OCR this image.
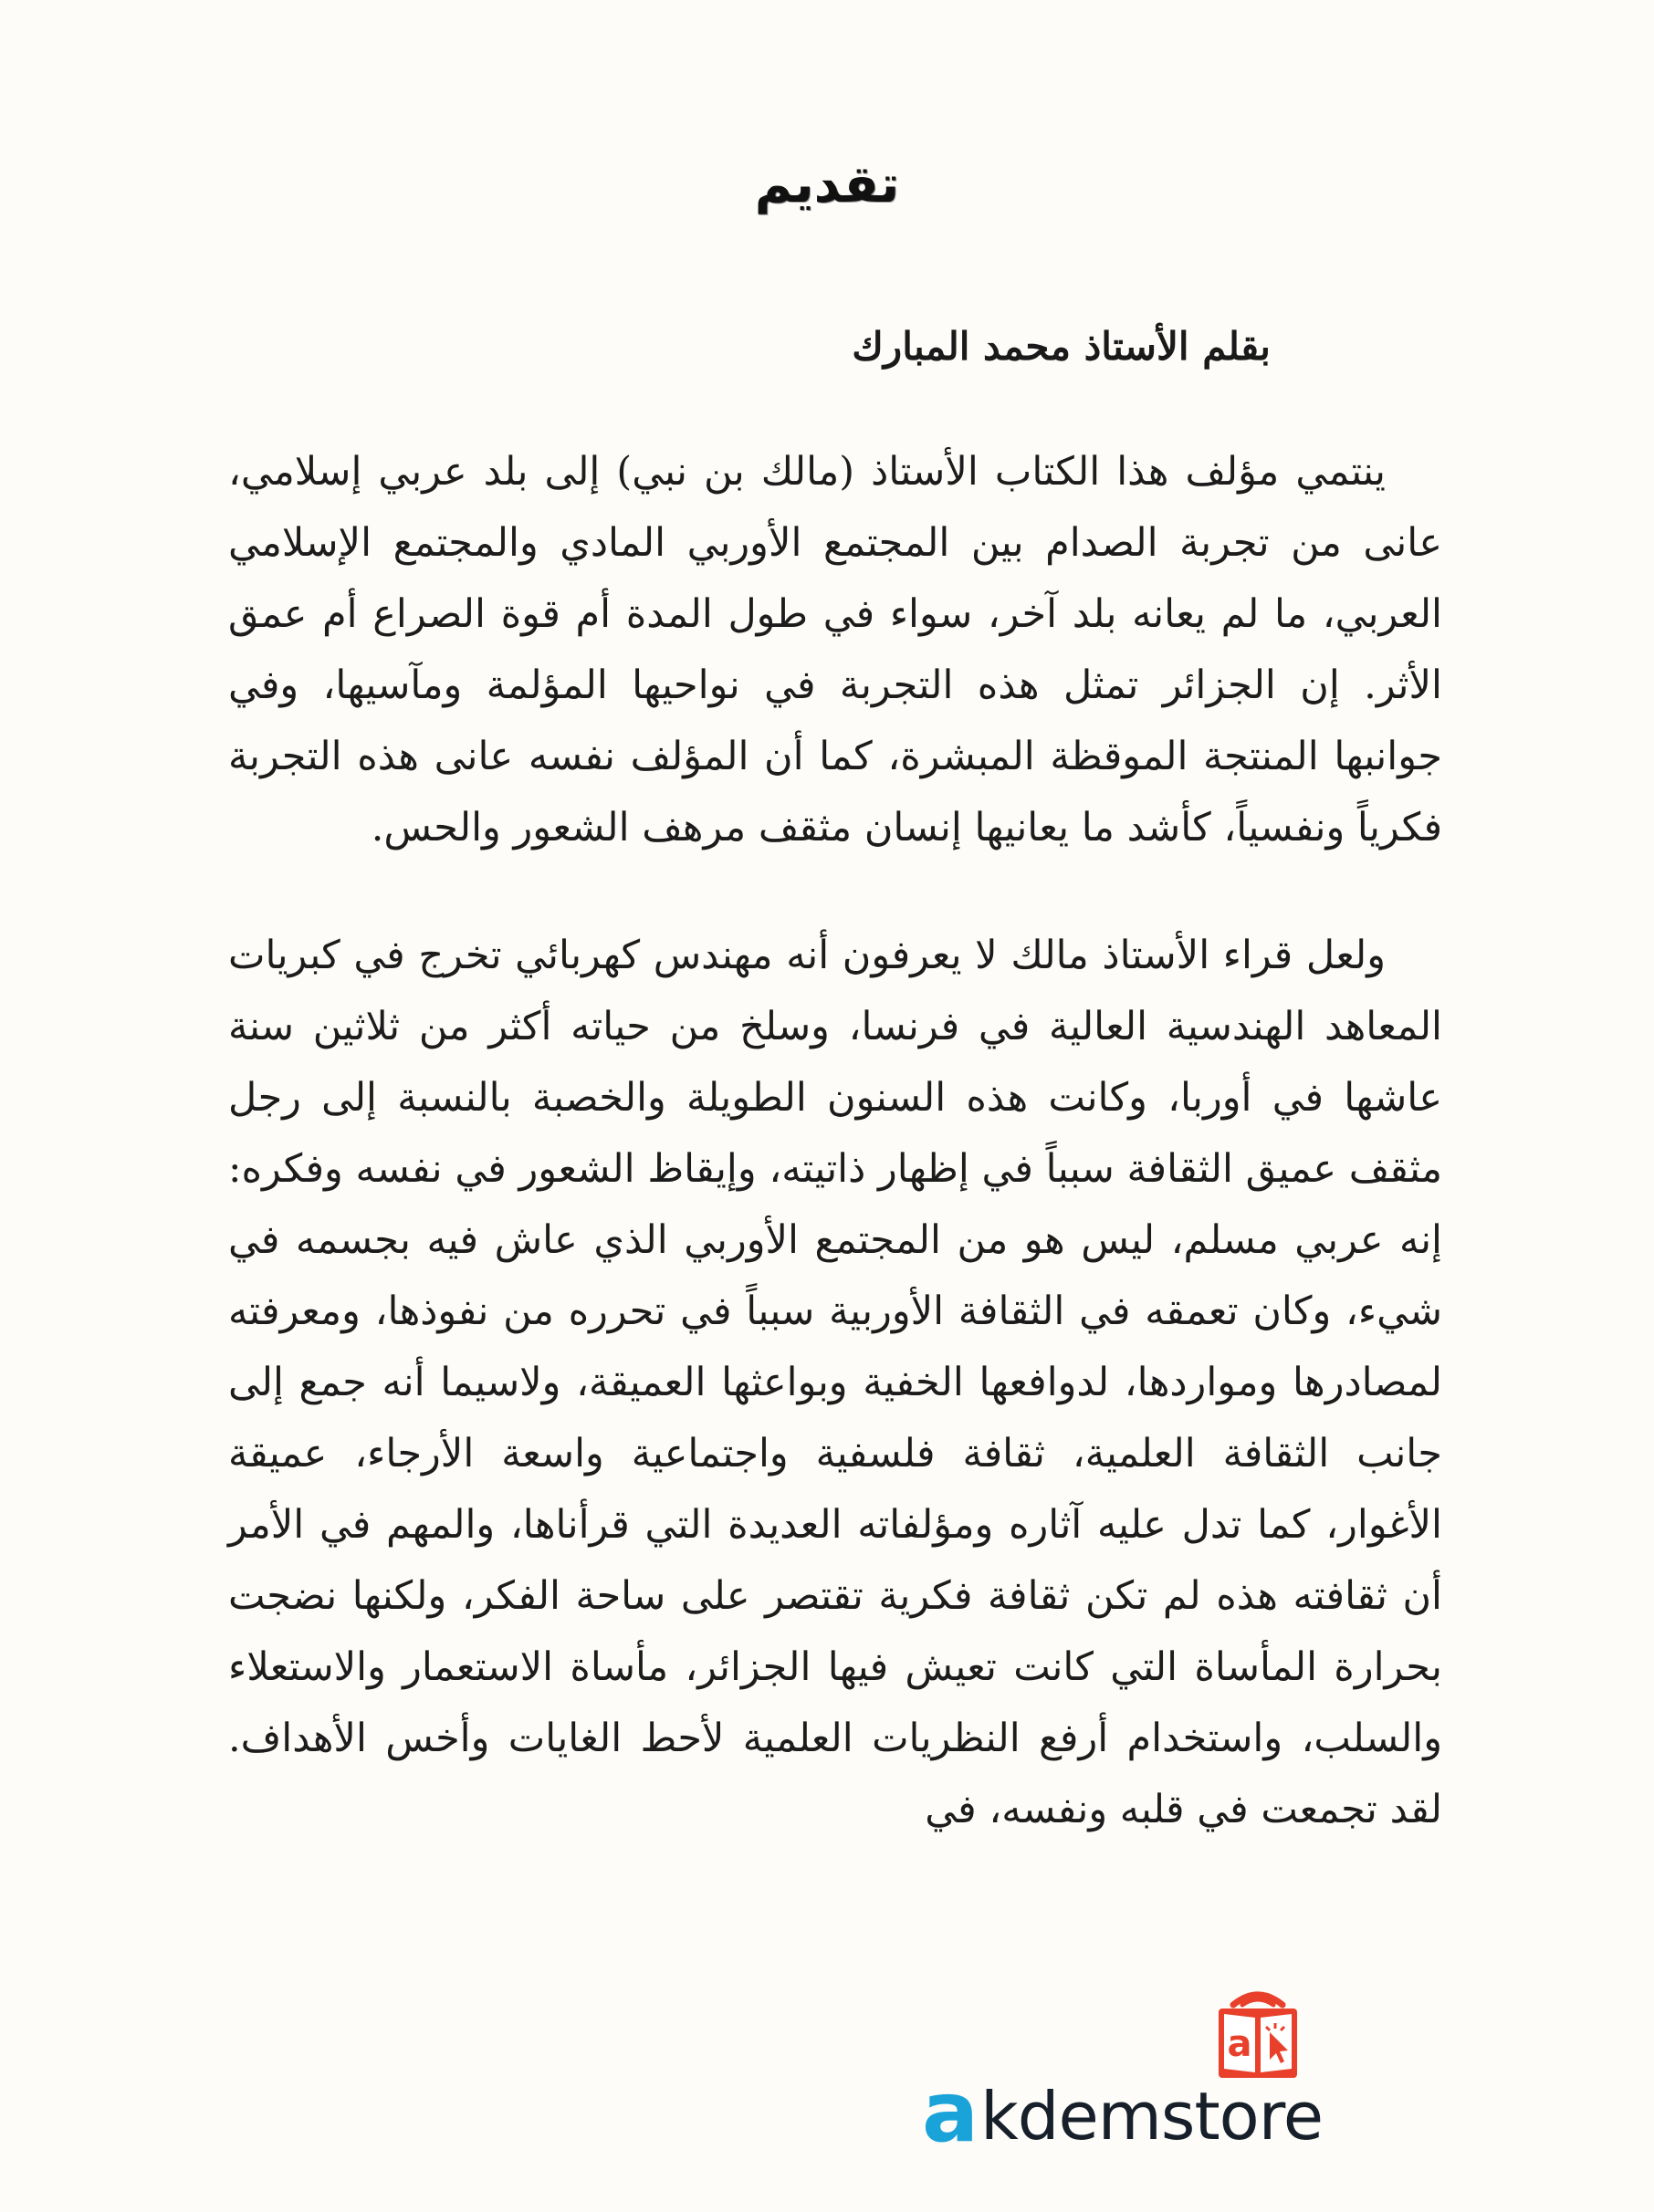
تقديم
بقلم الأستاذ محمد المبارك

ينتمي مؤلف هذا الكتاب الأستاذ (مالك بن نبي) إلى بلد عربي إسلامي، عانى من تجربة الصدام بين المجتمع الأوربي المادي والمجتمع الإسلامي العربي، ما لم يعانه بلد آخر، سواء في طول المدة أم قوة الصراع أم عمق الأثر. إن الجزائر تمثل هذه التجربة في نواحيها المؤلمة ومآسيها، وفي جوانبها المنتجة الموقظة المبشرة، كما أن المؤلف نفسه عانى هذه التجربة فكرياً ونفسياً، كأشد ما يعانيها إنسان مثقف مرهف الشعور والحس.

ولعل قراء الأستاذ مالك لا يعرفون أنه مهندس كهربائي تخرج في كبريات المعاهد الهندسية العالية في فرنسا، وسلخ من حياته أكثر من ثلاثين سنة عاشها في أوربا، وكانت هذه السنون الطويلة والخصبة بالنسبة إلى رجل مثقف عميق الثقافة سبباً في إظهار ذاتيته، وإيقاظ الشعور في نفسه وفكره: إنه عربي مسلم، ليس هو من المجتمع الأوربي الذي عاش فيه بجسمه في شيء، وكان تعمقه في الثقافة الأوربية سبباً في تحرره من نفوذها، ومعرفته لمصادرها ومواردها، لدوافعها الخفية وبواعثها العميقة، ولاسيما أنه جمع إلى جانب الثقافة العلمية، ثقافة فلسفية واجتماعية واسعة الأرجاء، عميقة الأغوار، كما تدل عليه آثاره ومؤلفاته العديدة التي قرأناها، والمهم في الأمر أن ثقافته هذه لم تكن ثقافة فكرية تقتصر على ساحة الفكر، ولكنها نضجت بحرارة المأساة التي كانت تعيش فيها الجزائر، مأساة الاستعمار والاستعلاء والسلب، واستخدام أرفع النظريات العلمية لأحط الغايات وأخس الأهداف. لقد تجمعت في قلبه ونفسه، في

a
a kdemstore
